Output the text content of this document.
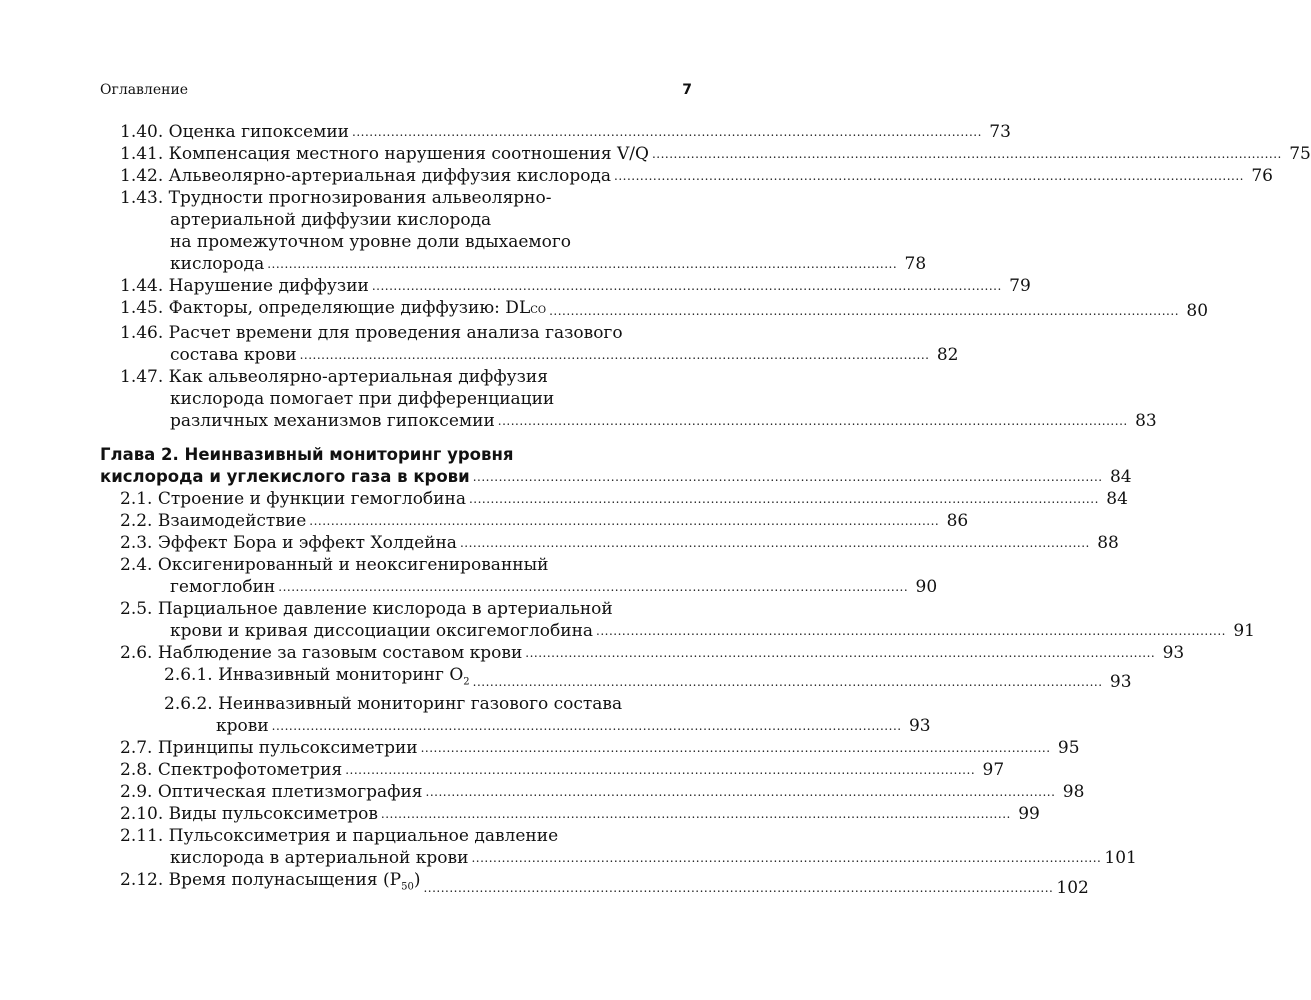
Оглавление	7
1.40. Оценка гипоксемии .................................................................................................................................................. 73
1.41. Компенсация местного нарушения соотношения V/Q .................................................................................................................................................. 75
1.42. Альвеолярно-артериальная диффузия кислорода .................................................................................................................................................. 76
1.43. Трудности прогнозирования альвеолярно-
артериальной диффузии кислорода
на промежуточном уровне доли вдыхаемого
кислорода .................................................................................................................................................. 78
1.44. Нарушение диффузии .................................................................................................................................................. 79
1.45. Факторы, определяющие диффузию: DLCO .................................................................................................................................................. 80
1.46. Расчет времени для проведения анализа газового
состава крови .................................................................................................................................................. 82
1.47. Как альвеолярно-артериальная диффузия
кислорода помогает при дифференциации
различных механизмов гипоксемии .................................................................................................................................................. 83
Глава 2. Неинвазивный мониторинг уровня
кислорода и углекислого газа в крови .................................................................................................................................................. 84
2.1. Строение и функции гемоглобина .................................................................................................................................................. 84
2.2. Взаимодействие .................................................................................................................................................. 86
2.3. Эффект Бора и эффект Холдейна .................................................................................................................................................. 88
2.4. Оксигенированный и неоксигенированный
гемоглобин .................................................................................................................................................. 90
2.5. Парциальное давление кислорода в артериальной
крови и кривая диссоциации оксигемоглобина .................................................................................................................................................. 91
2.6. Наблюдение за газовым составом крови .................................................................................................................................................. 93
2.6.1. Инвазивный мониторинг $O_2$ .................................................................................................................................................. 93
2.6.2. Неинвазивный мониторинг газового состава
крови .................................................................................................................................................. 93
2.7. Принципы пульсоксиметрии .................................................................................................................................................. 95
2.8. Спектрофотометрия .................................................................................................................................................. 97
2.9. Оптическая плетизмография .................................................................................................................................................. 98
2.10. Виды пульсоксиметров .................................................................................................................................................. 99
2.11. Пульсоксиметрия и парциальное давление
кислорода в артериальной крови .................................................................................................................................................. 101
2.12. Время полунасыщения $(P_{50})$ .................................................................................................................................................. 102
